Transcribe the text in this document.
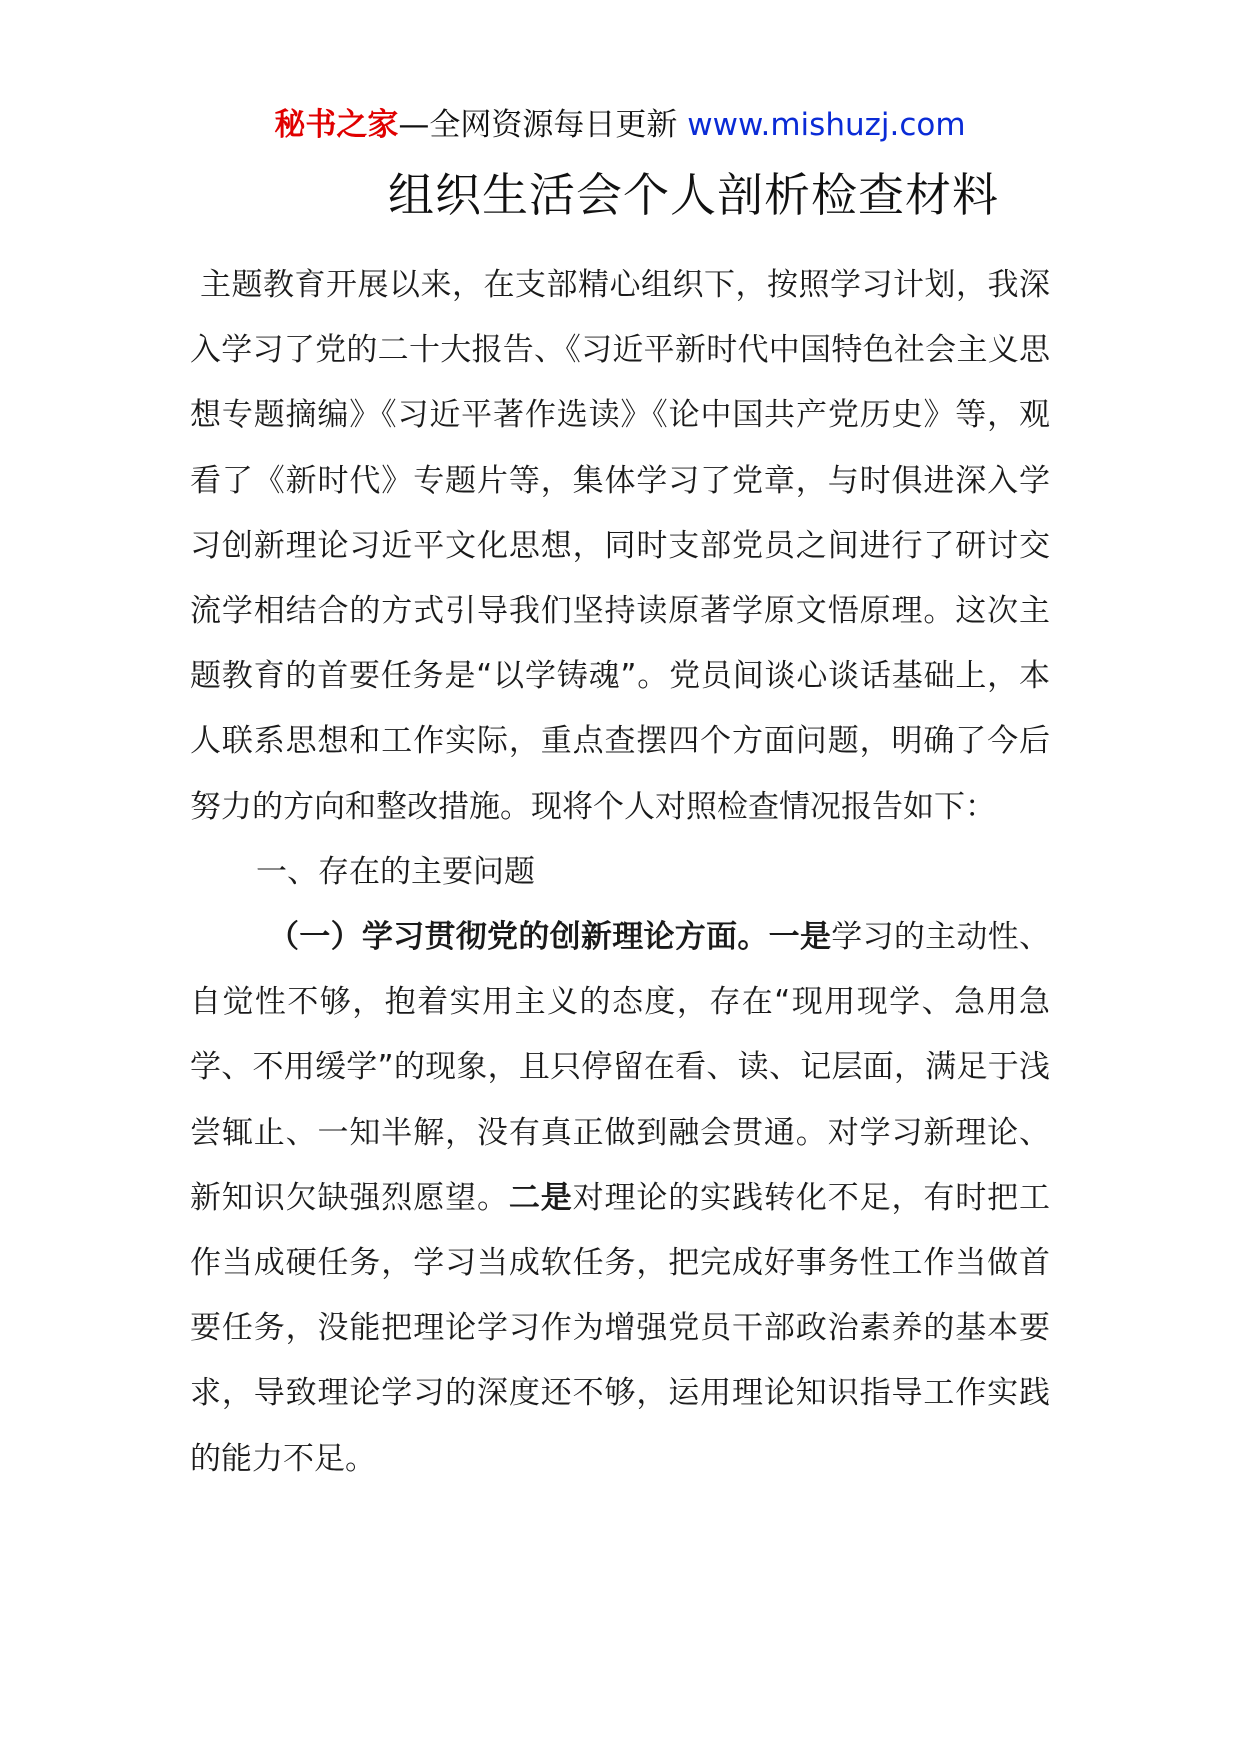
秘书之家—全网资源每日更新 www.mishuzj.com
组织生活会个人剖析检查材料

主题教育开展以来，在支部精心组织下，按照学习计划，我深入学习了党的二十大报告、《习近平新时代中国特色社会主义思想专题摘编》《习近平著作选读》《论中国共产党历史》等，观看了《新时代》专题片等，集体学习了党章，与时俱进深入学习创新理论习近平文化思想，同时支部党员之间进行了研讨交流学相结合的方式引导我们坚持读原著学原文悟原理。这次主题教育的首要任务是“以学铸魂”。党员间谈心谈话基础上，本人联系思想和工作实际，重点查摆四个方面问题，明确了今后努力的方向和整改措施。现将个人对照检查情况报告如下：

一、存在的主要问题

（一）学习贯彻党的创新理论方面。一是学习的主动性、自觉性不够，抱着实用主义的态度，存在“现用现学、急用急学、不用缓学”的现象，且只停留在看、读、记层面，满足于浅尝辄止、一知半解，没有真正做到融会贯通。对学习新理论、新知识欠缺强烈愿望。二是对理论的实践转化不足，有时把工作当成硬任务，学习当成软任务，把完成好事务性工作当做首要任务，没能把理论学习作为增强党员干部政治素养的基本要求，导致理论学习的深度还不够，运用理论知识指导工作实践的能力不足。
